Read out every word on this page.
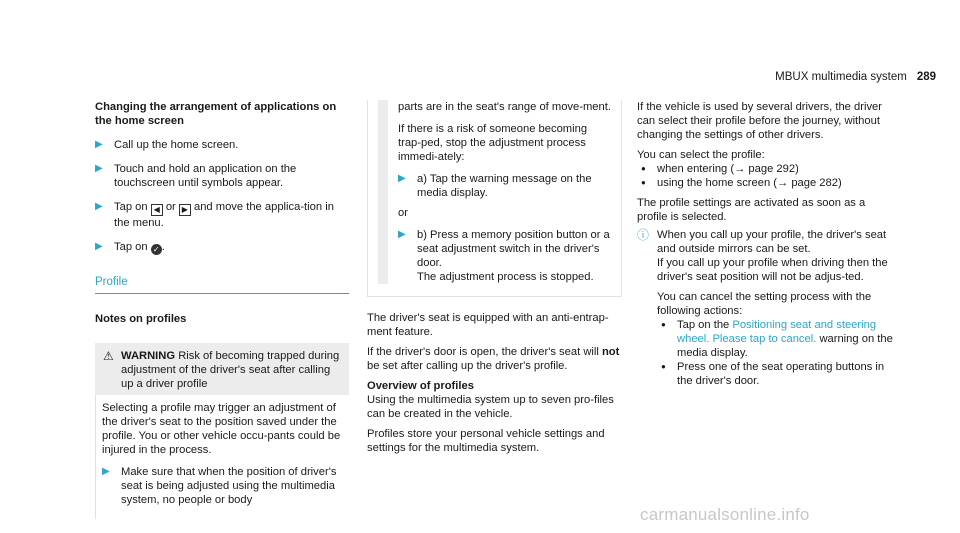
MBUX multimedia system 289
Changing the arrangement of applications on the home screen
▶ Call up the home screen.
▶ Touch and hold an application on the touchscreen until symbols appear.
▶ Tap on ◀ or ▶ and move the applica-tion in the menu.
▶ Tap on ✓ .
Profile
Notes on profiles
⚠ WARNING Risk of becoming trapped during adjustment of the driver's seat after calling up a driver profile

Selecting a profile may trigger an adjustment of the driver's seat to the position saved under the profile. You or other vehicle occu-pants could be injured in the process.

▶ Make sure that when the position of driver's seat is being adjusted using the multimedia system, no people or body

parts are in the seat's range of move-ment.

If there is a risk of someone becoming trap-ped, stop the adjustment process immedi-ately:

▶ a) Tap the warning message on the media display.

or

▶ b) Press a memory position button or a seat adjustment switch in the driver's door.
The adjustment process is stopped.

The driver's seat is equipped with an anti-entrap-ment feature.

If the driver's door is open, the driver's seat will not be set after calling up the driver's profile.

Overview of profiles

Using the multimedia system up to seven pro-files can be created in the vehicle.

Profiles store your personal vehicle settings and settings for the multimedia system.

If the vehicle is used by several drivers, the driver can select their profile before the journey, without changing the settings of other drivers.

You can select the profile:

● when entering (→ page 292)
● using the home screen (→ page 282)

The profile settings are activated as soon as a profile is selected.

ⓘ When you call up your profile, the driver's seat and outside mirrors can be set.

If you call up your profile when driving then the driver's seat position will not be adjus-ted.

You can cancel the setting process with the following actions:

● Tap on the Positioning seat and steering wheel. Please tap to cancel. warning on the media display.
● Press one of the seat operating buttons in the driver's door.
carmanualsonline.info
